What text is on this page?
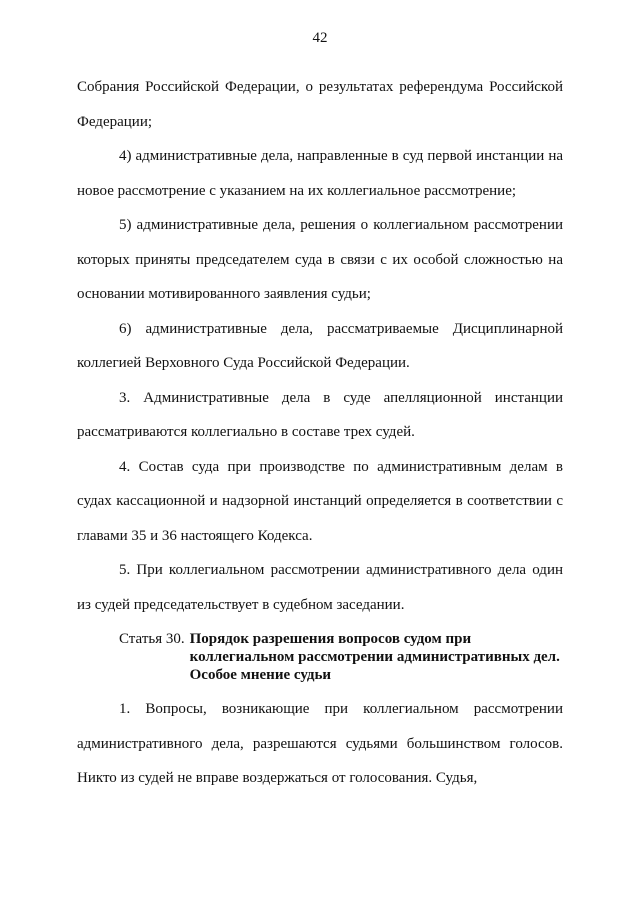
42

Собрания Российской Федерации, о результатах референдума Российской Федерации;

4) административные дела, направленные в суд первой инстанции на новое рассмотрение с указанием на их коллегиальное рассмотрение;

5) административные дела, решения о коллегиальном рассмотрении которых приняты председателем суда в связи с их особой сложностью на основании мотивированного заявления судьи;

6) административные дела, рассматриваемые Дисциплинарной коллегией Верховного Суда Российской Федерации.

3. Административные дела в суде апелляционной инстанции рассматриваются коллегиально в составе трех судей.

4. Состав суда при производстве по административным делам в судах кассационной и надзорной инстанций определяется в соответствии с главами 35 и 36 настоящего Кодекса.

5. При коллегиальном рассмотрении административного дела один из судей председательствует в судебном заседании.

Статья 30. Порядок разрешения вопросов судом при
коллегиальном рассмотрении административных дел.
Особое мнение судьи

1. Вопросы, возникающие при коллегиальном рассмотрении административного дела, разрешаются судьями большинством голосов. Никто из судей не вправе воздержаться от голосования. Судья,
